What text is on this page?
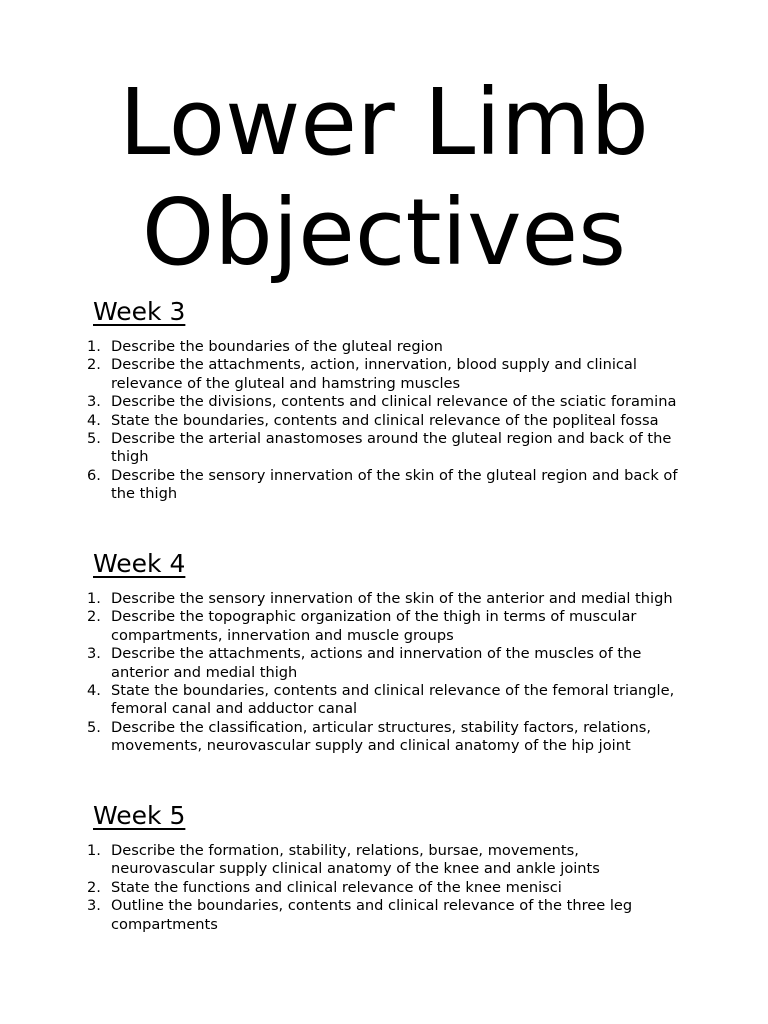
Lower Limb
Objectives
Week 3
1. Describe the boundaries of the gluteal region
2. Describe the attachments, action, innervation, blood supply and clinical relevance of the gluteal and hamstring muscles
3. Describe the divisions, contents and clinical relevance of the sciatic foramina
4. State the boundaries, contents and clinical relevance of the popliteal fossa
5. Describe the arterial anastomoses around the gluteal region and back of the thigh
6. Describe the sensory innervation of the skin of the gluteal region and back of the thigh
Week 4
1. Describe the sensory innervation of the skin of the anterior and medial thigh
2. Describe the topographic organization of the thigh in terms of muscular compartments, innervation and muscle groups
3. Describe the attachments, actions and innervation of the muscles of the anterior and medial thigh
4. State the boundaries, contents and clinical relevance of the femoral triangle, femoral canal and adductor canal
5. Describe the classification, articular structures, stability factors, relations, movements, neurovascular supply and clinical anatomy of the hip joint
Week 5
1. Describe the formation, stability, relations, bursae, movements, neurovascular supply clinical anatomy of the knee and ankle joints
2. State the functions and clinical relevance of the knee menisci
3. Outline the boundaries, contents and clinical relevance of the three leg compartments
